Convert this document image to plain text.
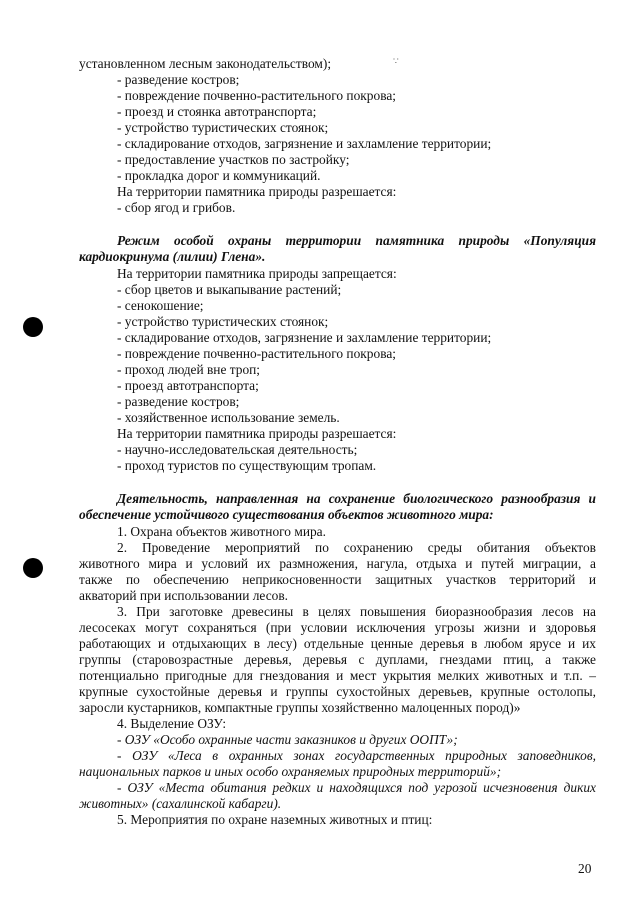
∵
установленном лесным законодательством);
- разведение костров;
- повреждение почвенно-растительного покрова;
- проезд и стоянка автотранспорта;
- устройство туристических стоянок;
- складирование отходов, загрязнение и захламление территории;
- предоставление участков по застройку;
- прокладка дорог и коммуникаций.
На территории памятника природы разрешается:
- сбор ягод и грибов.
Режим особой охраны территории памятника природы «Популяция
кардиокринума (лилии) Глена».
На территории памятника природы запрещается:
- сбор цветов и выкапывание растений;
- сенокошение;
- устройство туристических стоянок;
- складирование отходов, загрязнение и захламление территории;
- повреждение почвенно-растительного покрова;
- проход людей вне троп;
- проезд автотранспорта;
- разведение костров;
- хозяйственное использование земель.
На территории памятника природы разрешается:
- научно-исследовательская деятельность;
- проход туристов по существующим тропам.
Деятельность, направленная на сохранение биологического разнообразия и
обеспечение устойчивого существования объектов животного мира:
1. Охрана объектов животного мира.
2. Проведение мероприятий по сохранению среды обитания объектов
животного мира и условий их размножения, нагула, отдыха и путей миграции, а
также по обеспечению неприкосновенности защитных участков территорий и
акваторий при использовании лесов.
3. При заготовке древесины в целях повышения биоразнообразия лесов на
лесосеках могут сохраняться (при условии исключения угрозы жизни и здоровья
работающих и отдыхающих в лесу) отдельные ценные деревья в любом ярусе и их
группы (старовозрастные деревья, деревья с дуплами, гнездами птиц, а также
потенциально пригодные для гнездования и мест укрытия мелких животных и т.п. –
крупные сухостойные деревья и группы сухостойных деревьев, крупные остолопы,
заросли кустарников, компактные группы хозяйственно малоценных пород)»
4. Выделение ОЗУ:
- ОЗУ «Особо охранные части заказников и других ООПТ»;
- ОЗУ «Леса в охранных зонах государственных природных заповедников,
национальных парков и иных особо охраняемых природных территорий»;
- ОЗУ «Места обитания редких и находящихся под угрозой исчезновения диких
животных» (сахалинской кабарги).
5. Мероприятия по охране наземных животных и птиц:
20
